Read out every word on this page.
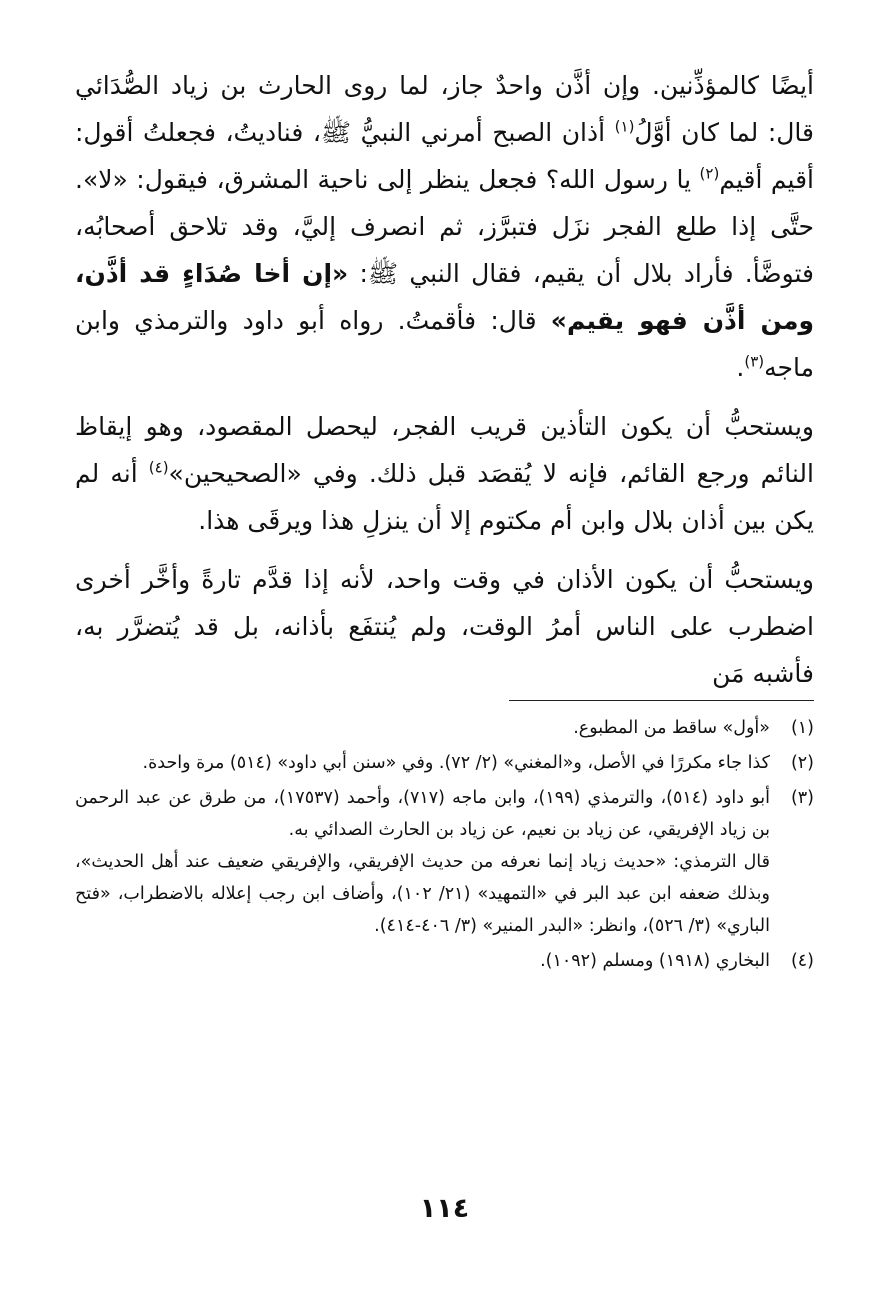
أيضًا كالمؤذِّنين. وإن أذَّن واحدٌ جاز، لما روى الحارث بن زياد الصُّدَائي قال: لما كان أوَّلُ$^{(١)}$ أذان الصبح أمرني النبيُّ ﷺ، فناديتُ، فجعلتُ أقول: أقيم أقيم$^{(٢)}$ يا رسول الله؟ فجعل ينظر إلى ناحية المشرق، فيقول: «لا». حتَّى إذا طلع الفجر نزَل فتبرَّز، ثم انصرف إليَّ، وقد تلاحق أصحابُه، فتوضَّأ. فأراد بلال أن يقيم، فقال النبي ﷺ: «إن أخا صُدَاءٍ قد أذَّن، ومن أذَّن فهو يقيم» قال: فأقمتُ. رواه أبو داود والترمذي وابن ماجه$^{(٣)}$.

ويستحبُّ أن يكون التأذين قريب الفجر، ليحصل المقصود، وهو إيقاظ النائم ورجع القائم، فإنه لا يُقصَد قبل ذلك. وفي «الصحيحين»$^{(٤)}$ أنه لم يكن بين أذان بلال وابن أم مكتوم إلا أن ينزلِ هذا ويرقَى هذا.

ويستحبُّ أن يكون الأذان في وقت واحد، لأنه إذا قدَّم تارةً وأخَّر أخرى اضطرب على الناس أمرُ الوقت، ولم يُنتفَع بأذانه، بل قد يُتضرَّر به، فأشبه مَن

(١)

«أول» ساقط من المطبوع.

(٢)

كذا جاء مكررًا في الأصل، و«المغني» (٢/ ٧٢). وفي «سنن أبي داود» (٥١٤) مرة واحدة.

(٣)

أبو داود (٥١٤)، والترمذي (١٩٩)، وابن ماجه (٧١٧)، وأحمد (١٧٥٣٧)، من طرق عن عبد الرحمن بن زياد الإفريقي، عن زياد بن نعيم، عن زياد بن الحارث الصدائي به.

قال الترمذي: «حديث زياد إنما نعرفه من حديث الإفريقي، والإفريقي ضعيف عند أهل الحديث»، وبذلك ضعفه ابن عبد البر في «التمهيد» (٢١/ ١٠٢)، وأضاف ابن رجب إعلاله بالاضطراب، «فتح الباري» (٣/ ٥٢٦)، وانظر: «البدر المنير» (٣/ ٤٠٦-٤١٤).

(٤)

البخاري (١٩١٨) ومسلم (١٠٩٢).

١١٤
